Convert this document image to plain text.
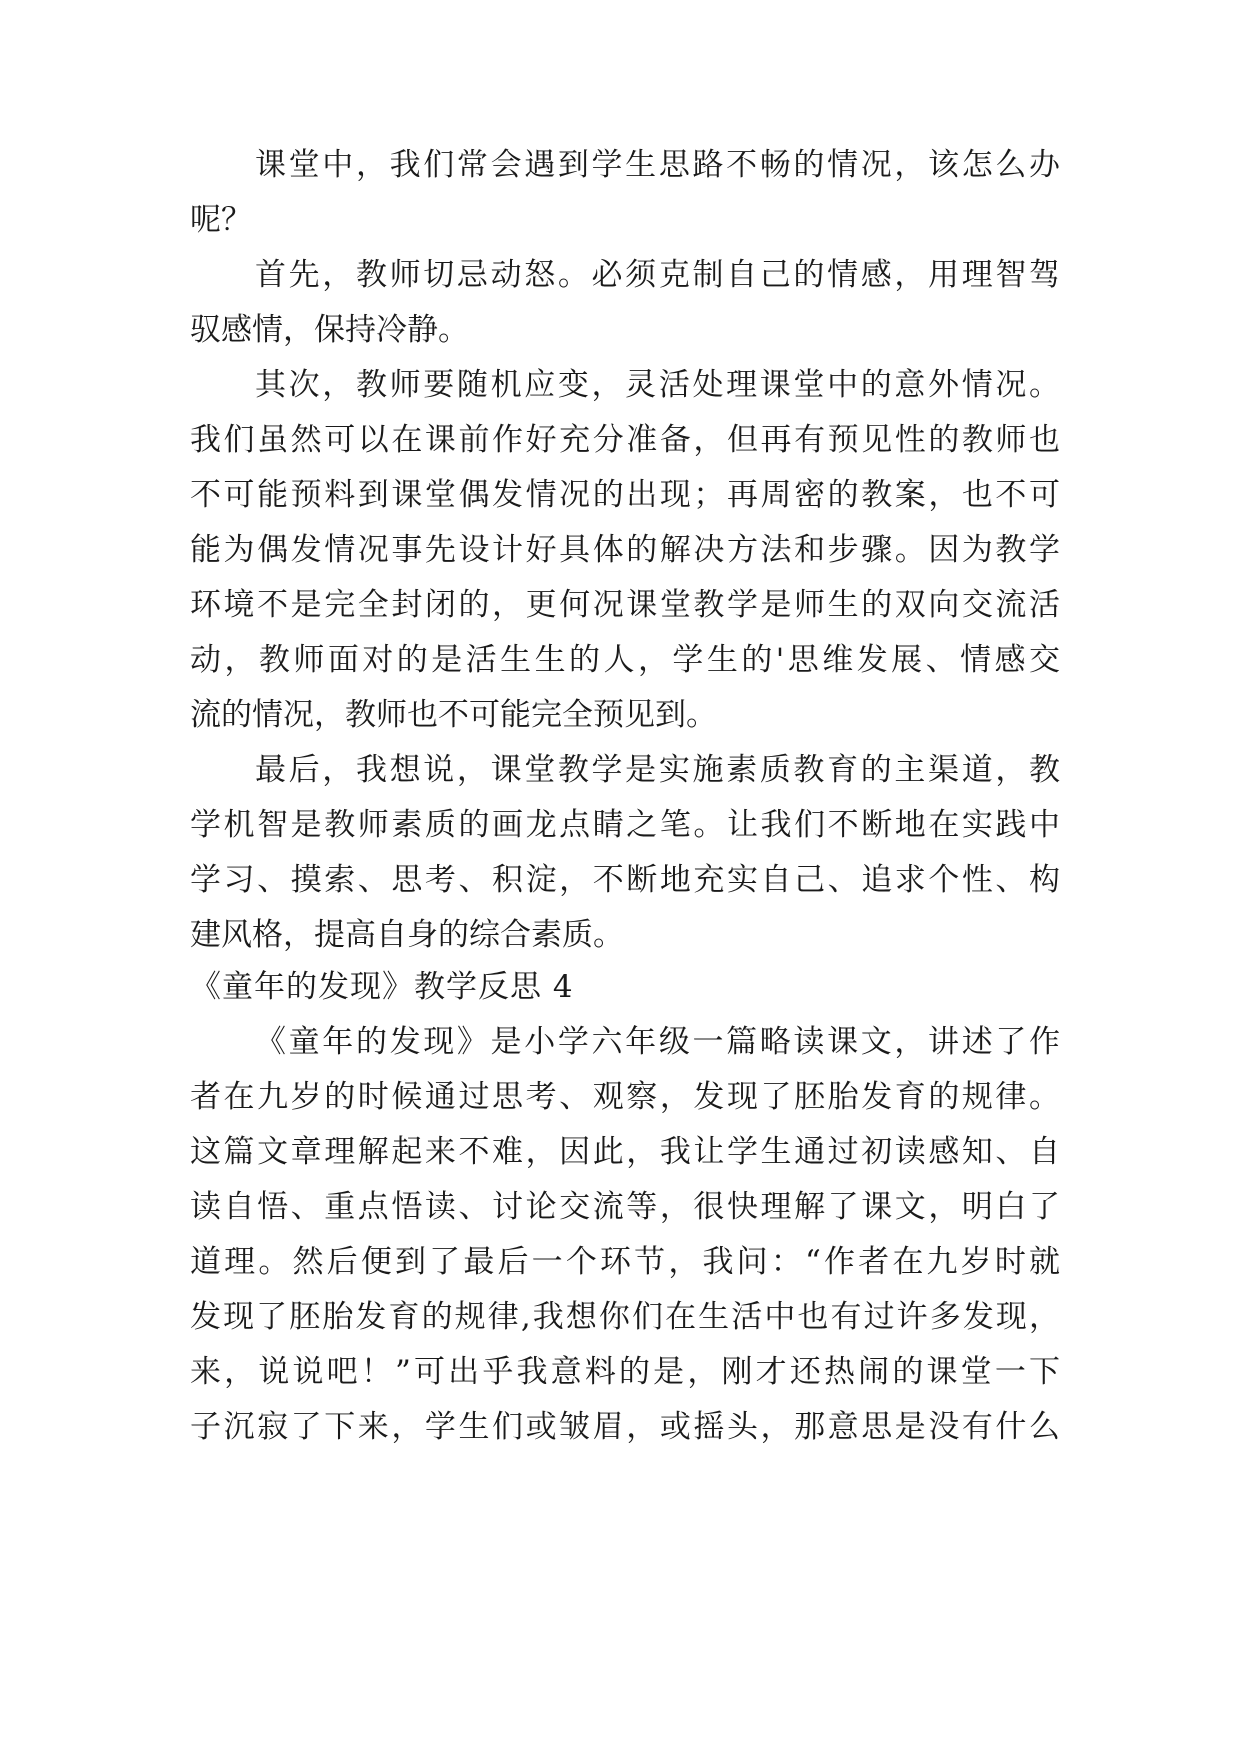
课堂中，我们常会遇到学生思路不畅的情况，该怎么办
呢？
首先，教师切忌动怒。必须克制自己的情感，用理智驾
驭感情，保持冷静。
其次，教师要随机应变，灵活处理课堂中的意外情况。
我们虽然可以在课前作好充分准备，但再有预见性的教师也
不可能预料到课堂偶发情况的出现；再周密的教案，也不可
能为偶发情况事先设计好具体的解决方法和步骤。因为教学
环境不是完全封闭的，更何况课堂教学是师生的双向交流活
动，教师面对的是活生生的人，学生的'思维发展、情感交
流的情况，教师也不可能完全预见到。
最后，我想说，课堂教学是实施素质教育的主渠道，教
学机智是教师素质的画龙点睛之笔。让我们不断地在实践中
学习、摸索、思考、积淀，不断地充实自己、追求个性、构
建风格，提高自身的综合素质。
《童年的发现》教学反思 4
《童年的发现》是小学六年级一篇略读课文，讲述了作
者在九岁的时候通过思考、观察，发现了胚胎发育的规律。
这篇文章理解起来不难，因此，我让学生通过初读感知、自
读自悟、重点悟读、讨论交流等，很快理解了课文，明白了
道理。然后便到了最后一个环节，我问：“作者在九岁时就
发现了胚胎发育的规律,我想你们在生活中也有过许多发现，
来，说说吧！”可出乎我意料的是，刚才还热闹的课堂一下
子沉寂了下来，学生们或皱眉，或摇头，那意思是没有什么
